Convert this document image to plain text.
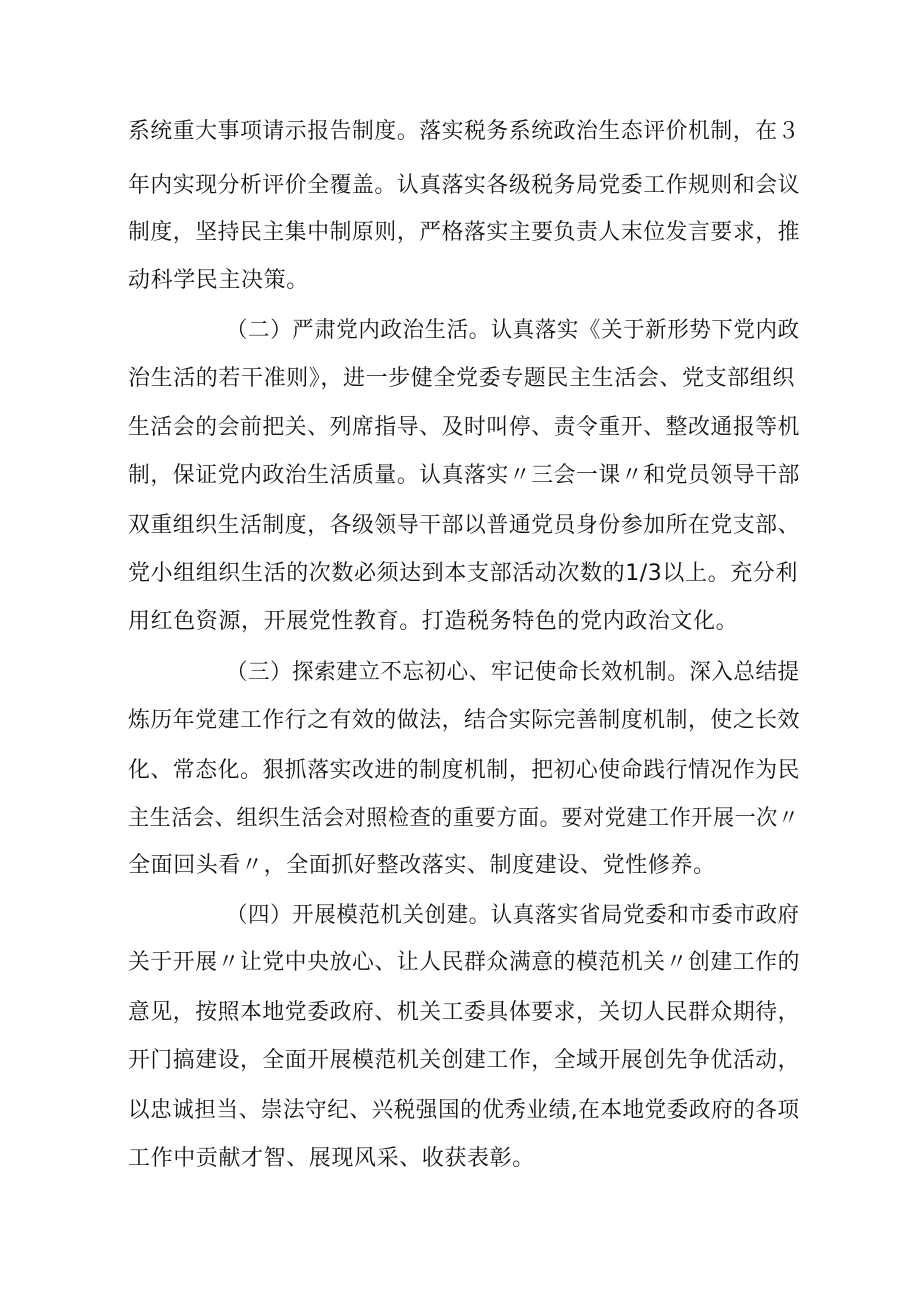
系统重大事项请示报告制度。落实税务系统政治生态评价机制，在３
年内实现分析评价全覆盖。认真落实各级税务局党委工作规则和会议
制度，坚持民主集中制原则，严格落实主要负责人末位发言要求，推
动科学民主决策。
（二）严肃党内政治生活。认真落实《关于新形势下党内政
治生活的若干准则》，进一步健全党委专题民主生活会、党支部组织
生活会的会前把关、列席指导、及时叫停、责令重开、整改通报等机
制，保证党内政治生活质量。认真落实〃三会一课〃和党员领导干部
双重组织生活制度，各级领导干部以普通党员身份参加所在党支部、
党小组组织生活的次数必须达到本支部活动次数的1/3以上。充分利
用红色资源，开展党性教育。打造税务特色的党内政治文化。
（三）探索建立不忘初心、牢记使命长效机制。深入总结提
炼历年党建工作行之有效的做法，结合实际完善制度机制，使之长效
化、常态化。狠抓落实改进的制度机制，把初心使命践行情况作为民
主生活会、组织生活会对照检查的重要方面。要对党建工作开展一次〃
全面回头看〃，全面抓好整改落实、制度建设、党性修养。
（四）开展模范机关创建。认真落实省局党委和市委市政府
关于开展〃让党中央放心、让人民群众满意的模范机关〃创建工作的
意见，按照本地党委政府、机关工委具体要求，关切人民群众期待，
开门搞建设，全面开展模范机关创建工作，全域开展创先争优活动，
以忠诚担当、崇法守纪、兴税强国的优秀业绩,在本地党委政府的各项
工作中贡献才智、展现风采、收获表彰。
